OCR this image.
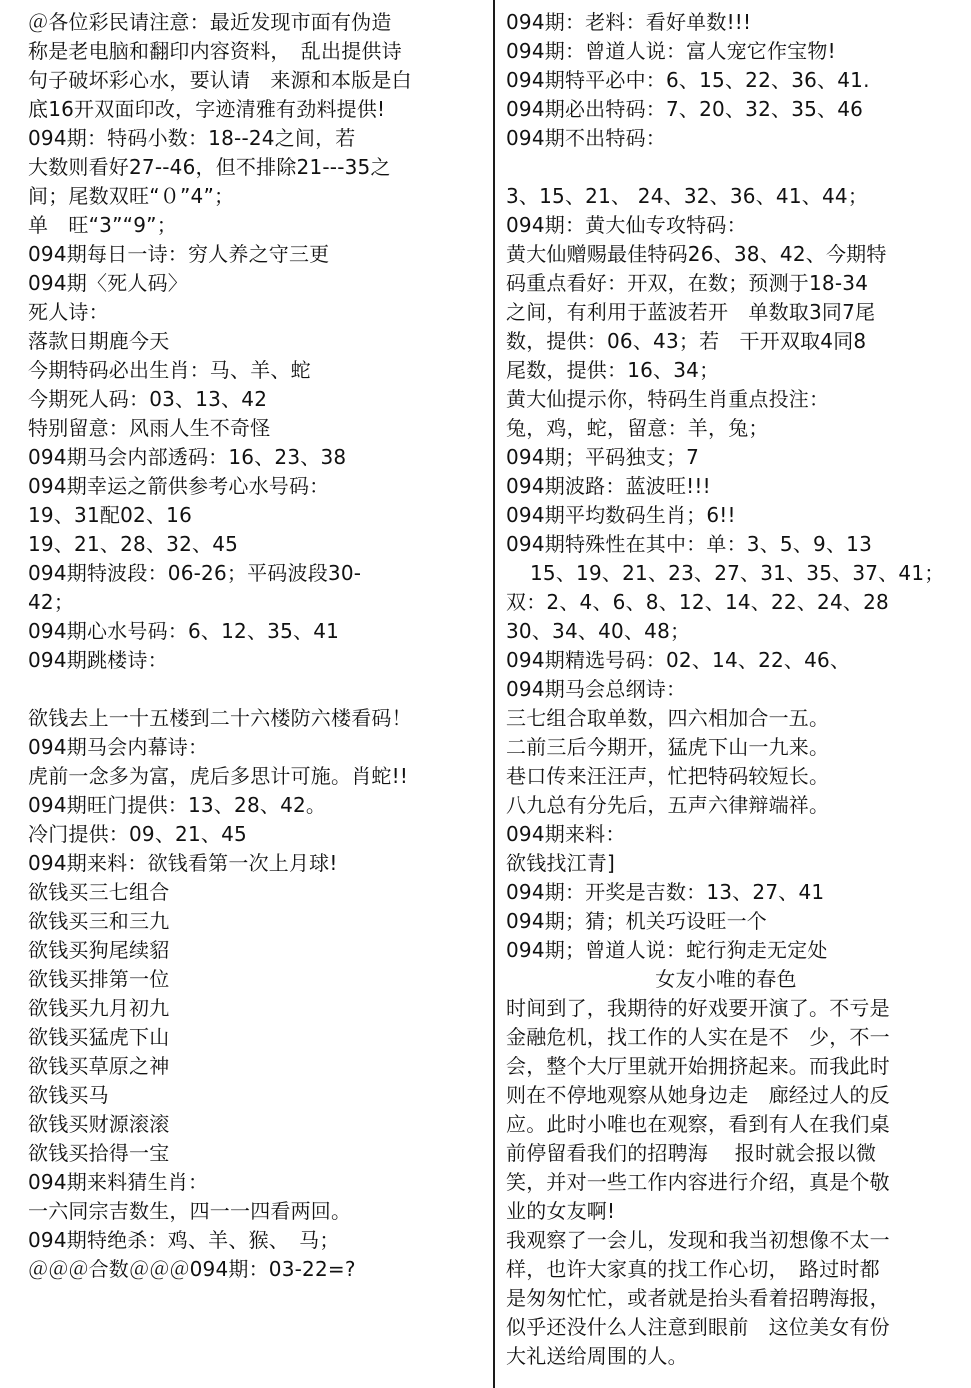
＠各位彩民请注意：最近发现市面有伪造
称是老电脑和翻印内容资料，　乱出提供诗
句子破坏彩心水，要认请　来源和本版是白
底16开双面印改，字迹清雅有劲料提供!
094期：特码小数：18--24之间，若
大数则看好27--46，但不排除21---35之
间；尾数双旺“０”4”；
单　旺“3”“9”；
094期每日一诗：穷人养之守三更
094期〈死人码〉
死人诗：
落款日期鹿今天
今期特码必出生肖：马、羊、蛇
今期死人码：03、13、42
特别留意：风雨人生不奇怪
094期马会内部透码：16、23、38
094期幸运之箭供参考心水号码：
19、31配02、16
19、21、28、32、45
094期特波段：06-26；平码波段30-
42；
094期心水号码：6、12、35、41
094期跳楼诗：
欲钱去上一十五楼到二十六楼防六楼看码！
094期马会内幕诗：
虎前一念多为富，虎后多思计可施。肖蛇!!
094期旺门提供：13、28、42。
冷门提供：09、21、45
094期来料：欲钱看第一次上月球!
欲钱买三七组合
欲钱买三和三九
欲钱买狗尾续貂
欲钱买排第一位
欲钱买九月初九
欲钱买猛虎下山
欲钱买草原之神
欲钱买马
欲钱买财源滚滚
欲钱买拾得一宝
094期来料猜生肖：
一六同宗吉数生，四一一四看两回。
094期特绝杀：鸡、羊、猴、　马；
＠＠＠合数＠＠＠094期：03-22=?
094期：老料：看好单数!!!
094期：曾道人说：富人宠它作宝物!
094期特平必中：6、15、22、36、41.
094期必出特码：7、20、32、35、46
094期不出特码：
3、15、21、 24、32、36、41、44；
094期：黄大仙专攻特码：
黄大仙赠赐最佳特码26、38、42、今期特
码重点看好：开双，在数；预测于18-34
之间，有利用于蓝波若开　单数取3同7尾
数，提供：06、43；若　干开双取4同8
尾数，提供：16、34；
黄大仙提示你，特码生肖重点投注：
兔，鸡，蛇，留意：羊，兔；
094期；平码独支；7
094期波路：蓝波旺!!!
094期平均数码生肖；6!!
094期特殊性在其中：单：3、5、9、13
15、19、21、23、27、31、35、37、41；
双：2、4、6、8、12、14、22、24、28
30、34、40、48；
094期精选号码：02、14、22、46、
094期马会总纲诗：
三七组合取单数，四六相加合一五。
二前三后今期开，猛虎下山一九来。
巷口传来汪汪声，忙把特码较短长。
八九总有分先后，五声六律辩端祥。
094期来料：
欲钱找江青]
094期：开奖是吉数：13、27、41
094期；猜；机关巧设旺一个
094期；曾道人说：蛇行狗走无定处
女友小唯的春色
时间到了，我期待的好戏要开演了。不亏是
金融危机，找工作的人实在是不　少，不一
会，整个大厅里就开始拥挤起来。而我此时
则在不停地观察从她身边走　廊经过人的反
应。此时小唯也在观察，看到有人在我们桌
前停留看我们的招聘海　 报时就会报以微
笑，并对一些工作内容进行介绍，真是个敬
业的女友啊!
我观察了一会儿，发现和我当初想像不太一
样，也许大家真的找工作心切，　路过时都
是匆匆忙忙，或者就是抬头看着招聘海报，
似乎还没什么人注意到眼前　这位美女有份
大礼送给周围的人。
